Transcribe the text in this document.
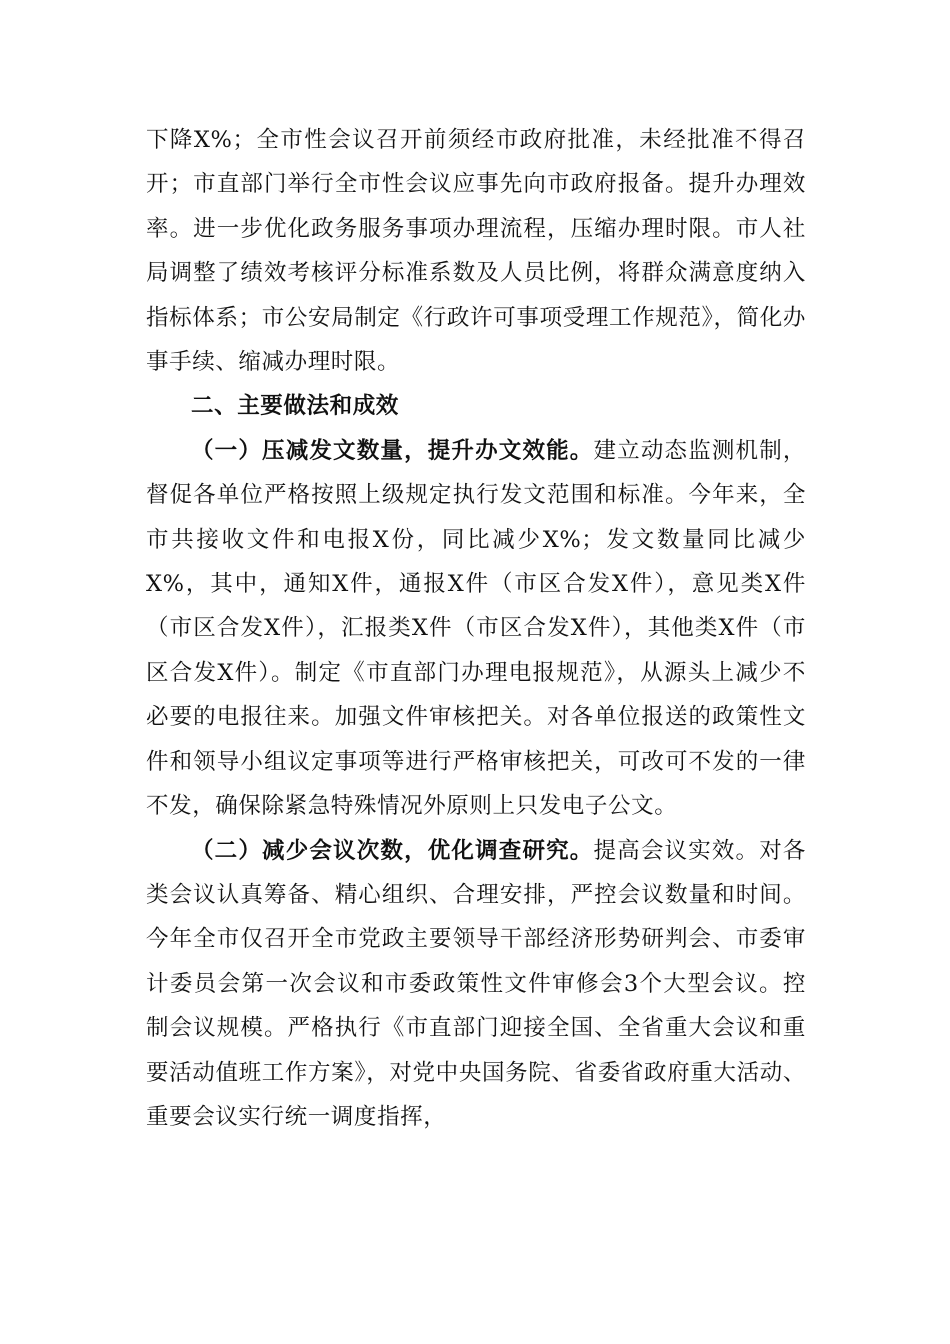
下降X%；全市性会议召开前须经市政府批准，未经批准不得召开；市直部门举行全市性会议应事先向市政府报备。提升办理效率。进一步优化政务服务事项办理流程，压缩办理时限。市人社局调整了绩效考核评分标准系数及人员比例，将群众满意度纳入指标体系；市公安局制定《行政许可事项受理工作规范》，简化办事手续、缩减办理时限。

二、主要做法和成效

（一）压减发文数量，提升办文效能。建立动态监测机制，督促各单位严格按照上级规定执行发文范围和标准。今年来，全市共接收文件和电报X份，同比减少X%；发文数量同比减少X%，其中，通知X件，通报X件（市区合发X件），意见类X件（市区合发X件），汇报类X件（市区合发X件），其他类X件（市区合发X件）。制定《市直部门办理电报规范》，从源头上减少不必要的电报往来。加强文件审核把关。对各单位报送的政策性文件和领导小组议定事项等进行严格审核把关，可改可不发的一律不发，确保除紧急特殊情况外原则上只发电子公文。

（二）减少会议次数，优化调查研究。提高会议实效。对各类会议认真筹备、精心组织、合理安排，严控会议数量和时间。今年全市仅召开全市党政主要领导干部经济形势研判会、市委审计委员会第一次会议和市委政策性文件审修会3个大型会议。控制会议规模。严格执行《市直部门迎接全国、全省重大会议和重要活动值班工作方案》，对党中央国务院、省委省政府重大活动、重要会议实行统一调度指挥，
